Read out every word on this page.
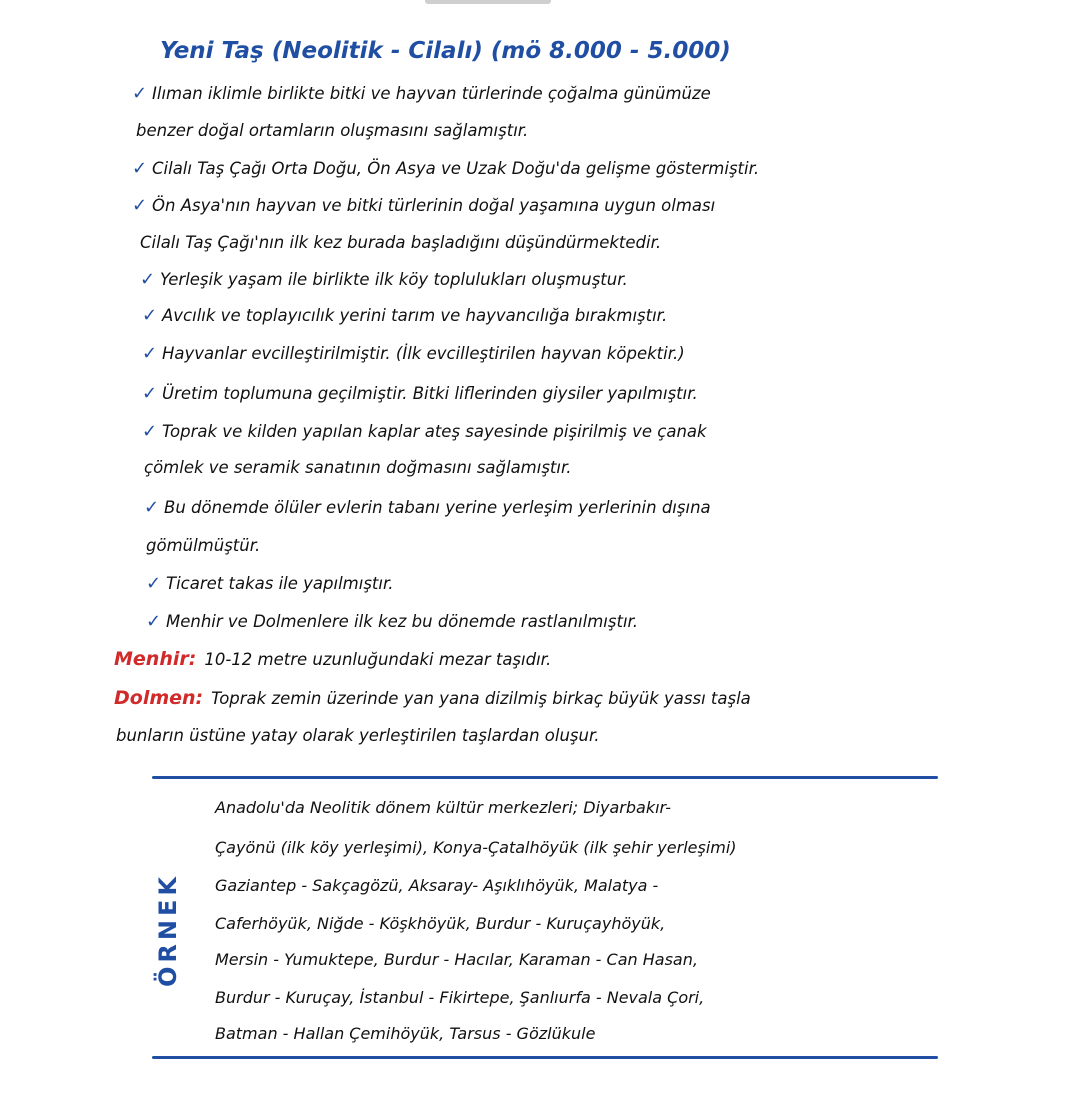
Yeni Taş (Neolitik - Cilalı) (mö 8.000 - 5.000)
✓ Ilıman iklimle birlikte bitki ve hayvan türlerinde çoğalma günümüze
benzer doğal ortamların oluşmasını sağlamıştır.
✓ Cilalı Taş Çağı Orta Doğu, Ön Asya ve Uzak Doğu'da gelişme göstermiştir.
✓ Ön Asya'nın hayvan ve bitki türlerinin doğal yaşamına uygun olması
Cilalı Taş Çağı'nın ilk kez burada başladığını düşündürmektedir.
✓ Yerleşik yaşam ile birlikte ilk köy toplulukları oluşmuştur.
✓ Avcılık ve toplayıcılık yerini tarım ve hayvancılığa bırakmıştır.
✓ Hayvanlar evcilleştirilmiştir. (İlk evcilleştirilen hayvan köpektir.)
✓ Üretim toplumuna geçilmiştir. Bitki liflerinden giysiler yapılmıştır.
✓ Toprak ve kilden yapılan kaplar ateş sayesinde pişirilmiş ve çanak
çömlek ve seramik sanatının doğmasını sağlamıştır.
✓ Bu dönemde ölüler evlerin tabanı yerine yerleşim yerlerinin dışına
gömülmüştür.
✓ Ticaret takas ile yapılmıştır.
✓ Menhir ve Dolmenlere ilk kez bu dönemde rastlanılmıştır.
Menhir: 10-12 metre uzunluğundaki mezar taşıdır.
Dolmen: Toprak zemin üzerinde yan yana dizilmiş birkaç büyük yassı taşla
bunların üstüne yatay olarak yerleştirilen taşlardan oluşur.
ÖRNEK
Anadolu'da Neolitik dönem kültür merkezleri; Diyarbakır-
Çayönü (ilk köy yerleşimi), Konya-Çatalhöyük (ilk şehir yerleşimi)
Gaziantep - Sakçagözü, Aksaray- Aşıklıhöyük, Malatya -
Caferhöyük, Niğde - Köşkhöyük, Burdur - Kuruçayhöyük,
Mersin - Yumuktepe, Burdur - Hacılar, Karaman - Can Hasan,
Burdur - Kuruçay, İstanbul - Fikirtepe, Şanlıurfa - Nevala Çori,
Batman - Hallan Çemihöyük, Tarsus - Gözlükule
